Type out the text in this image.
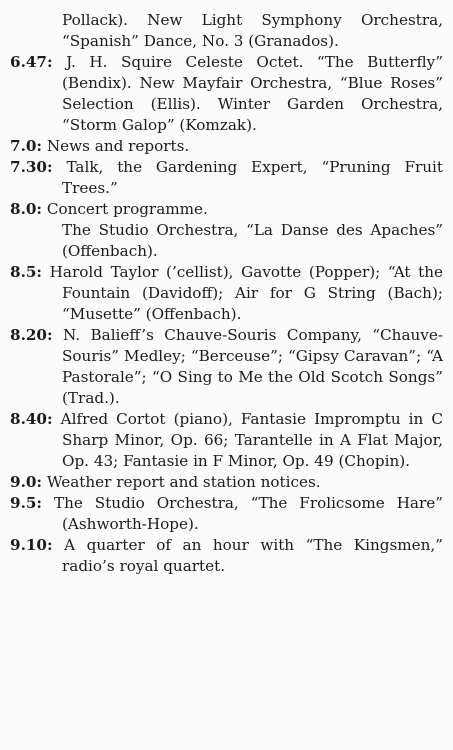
Pollack). New Light Symphony Orchestra, “Spanish” Dance, No. 3 (Granados).

6.47: J. H. Squire Celeste Octet. “The Butterfly” (Bendix). New Mayfair Orchestra, “Blue Roses” Selection (Ellis). Winter Garden Orchestra, “Storm Galop” (Komzak).

7.0: News and reports.

7.30: Talk, the Gardening Expert, “Pruning Fruit Trees.”

8.0: Concert programme.

The Studio Orchestra, “La Danse des Apaches” (Offenbach).

8.5: Harold Taylor (’cellist), Gavotte (Popper); “At the Fountain (Davidoff); Air for G String (Bach); “Musette” (Offenbach).

8.20: N. Balieff’s Chauve-Souris Company, “Chauve-Souris” Medley; “Berceuse”; “Gipsy Caravan”; “A Pastorale”; “O Sing to Me the Old Scotch Songs” (Trad.).

8.40: Alfred Cortot (piano), Fantasie Impromptu in C Sharp Minor, Op. 66; Tarantelle in A Flat Major, Op. 43; Fantasie in F Minor, Op. 49 (Chopin).

9.0: Weather report and station notices.

9.5: The Studio Orchestra, “The Frolicsome Hare” (Ashworth-Hope).

9.10: A quarter of an hour with “The Kingsmen,” radio’s royal quartet.
